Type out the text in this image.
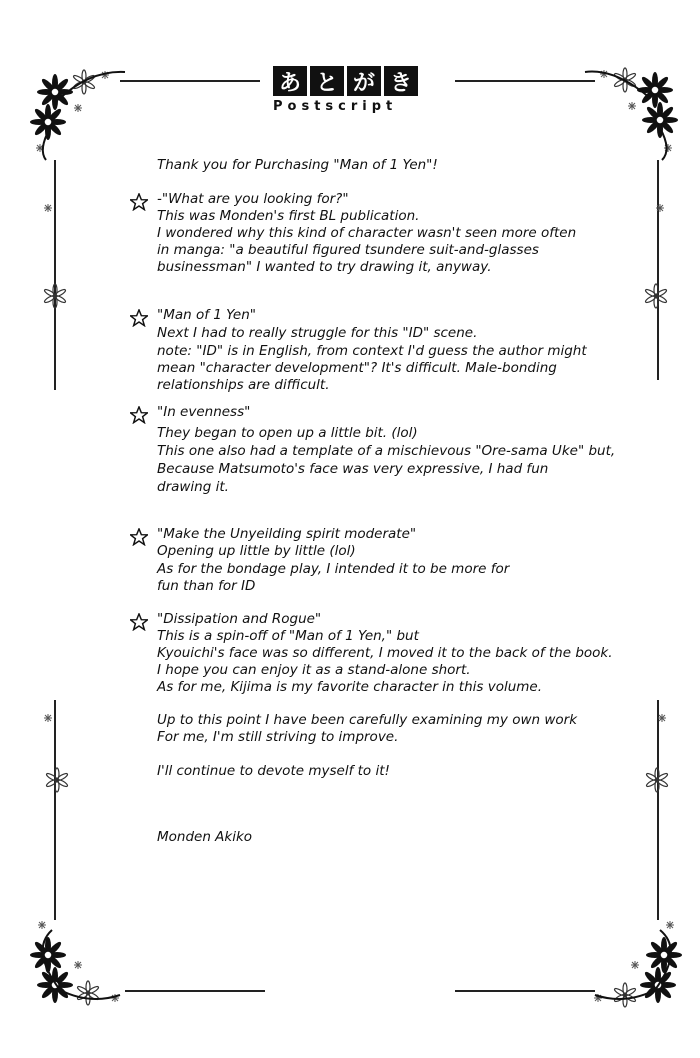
あ と が き
Postscript

Thank you for Purchasing "Man of 1 Yen"!

-"What are you looking for?"

This was Monden's first BL publication.

I wondered why this kind of character wasn't seen more often

in manga: "a beautiful figured tsundere suit-and-glasses

businessman" I wanted to try drawing it, anyway.

"Man of 1 Yen"

Next I had to really struggle for this "ID" scene.

note: "ID" is in English, from context I'd guess the author might

mean "character development"? It's difficult. Male-bonding

relationships are difficult.

"In evenness"

They began to open up a little bit. (lol)

This one also had a template of a mischievous "Ore-sama Uke" but,

Because Matsumoto's face was very expressive, I had fun

drawing it.

"Make the Unyeilding spirit moderate"

Opening up little by little (lol)

As for the bondage play, I intended it to be more for

fun than for ID

"Dissipation and Rogue"

This is a spin-off of "Man of 1 Yen," but

Kyouichi's face was so different, I moved it to the back of the book.

I hope you can enjoy it as a stand-alone short.

As for me, Kijima is my favorite character in this volume.

Up to this point I have been carefully examining my own work

For me, I'm still striving to improve.

I'll continue to devote myself to it!

Monden Akiko
